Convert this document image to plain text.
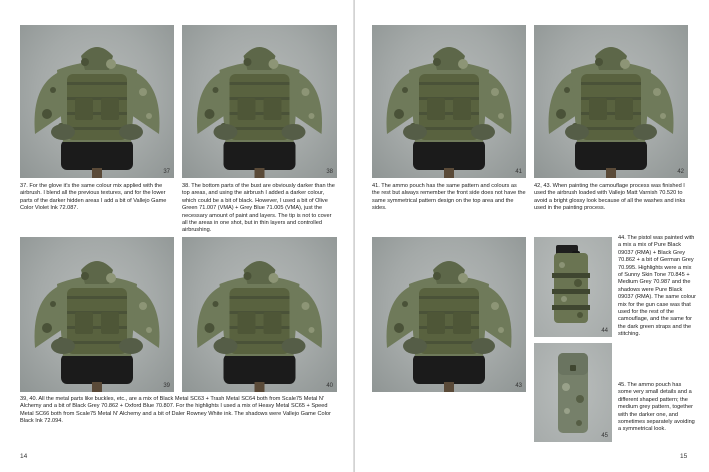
37	38

37. For the glove it's the same colour mix applied with the airbrush. I blend all the previous textures, and for the lower parts of the darker hidden areas I add a bit of Vallejo Game Color Violet Ink 72.087.

38. The bottom parts of the bust are obviously darker than the top areas, and using the airbrush I added a darker colour, which could be a bit of black. However, I used a bit of Olive Green 71.007 (VMA) + Grey Blue 71.005 (VMA), just the necessary amount of paint and layers. The tip is not to cover all the areas in one shot, but in thin layers and controlled airbrushing.

39	40

39, 40. All the metal parts like buckles, etc., are a mix of Black Metal SC63 + Trash Metal SC64 both from Scale75 Metal N' Alchemy and a bit of Black Grey 70.862 + Oxford Blue 70.807. For the highlights I used a mix of Heavy Metal SC65 + Speed Metal SC66 both from Scale75 Metal N' Alchemy and a bit of Daler Rowney White ink. The shadows were Vallejo Game Color Black Ink 72.094.

14
41	42

41. The ammo pouch has the same pattern and colours as the rest but always remember the front side does not have the same symmetrical pattern design on the top area and the sides.

42, 43. When painting the camouflage process was finished I used the airbrush loaded with Vallejo Matt Varnish 70.520 to avoid a bright glossy look because of all the washes and inks used in the painting process.

43
44

44. The pistol was painted with a mix a mix of Pure Black 09037 (RMA) + Black Grey 70.862 + a bit of German Grey 70.995. Highlights were a mix of Sunny Skin Tone 70.845 + Medium Grey 70.987 and the shadows were Pure Black 09037 (RMA). The same colour mix for the gun case was that used for the rest of the camouflage, and the same for the dark green straps and the stitching.

45

45. The ammo pouch has some very small details and a different shaped pattern; the medium grey pattern, together with the darker one, and sometimes separately avoiding a symmetrical look.

15
